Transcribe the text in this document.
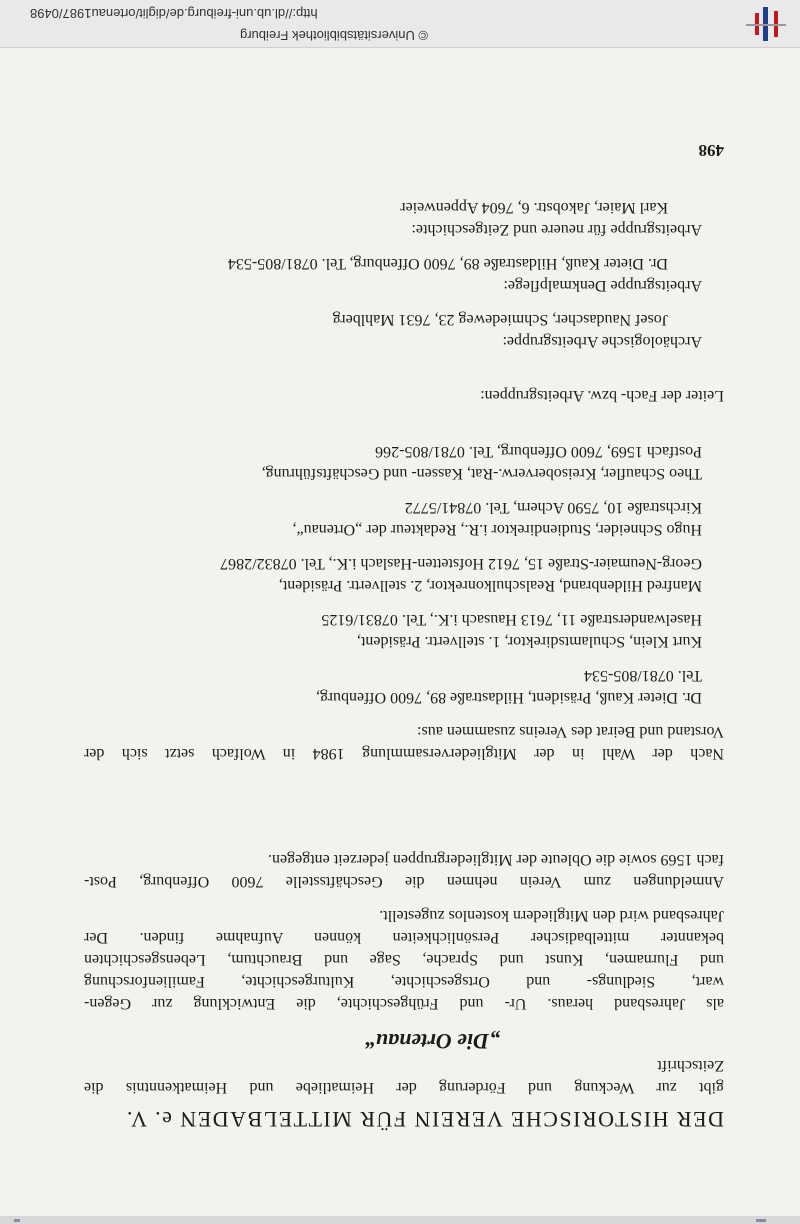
DER HISTORISCHE VEREIN FÜR MITTELBADEN e. V.
gibt zur Weckung und Förderung der Heimatliebe und Heimatkenntnis die
Zeitschrift
„Die Ortenau“
als Jahresband heraus. Ur- und Frühgeschichte, die Entwicklung zur Gegen-
wart, Siedlungs- und Ortsgeschichte, Kulturgeschichte, Familienforschung
und Flurnamen, Kunst und Sprache, Sage und Brauchtum, Lebensgeschichten
bekannter mittelbadischer Persönlichkeiten können Aufnahme finden. Der
Jahresband wird den Mitgliedern kostenlos zugestellt.
Anmeldungen zum Verein nehmen die Geschäftsstelle 7600 Offenburg, Post-
fach 1569 sowie die Obleute der Mitgliedergruppen jederzeit entgegen.
Nach der Wahl in der Mitgliederversammlung 1984 in Wolfach setzt sich der
Vorstand und Beirat des Vereins zusammen aus:
Dr. Dieter Kauß, Präsident, Hildastraße 89, 7600 Offenburg,
Tel. 0781/805-534
Kurt Klein, Schulamtsdirektor, 1. stellvertr. Präsident,
Haselwanderstraße 11, 7613 Hausach i.K., Tel. 07831/6125
Manfred Hildenbrand, Realschulkonrektor, 2. stellvertr. Präsident,
Georg-Neumaier-Straße 15, 7612 Hofstetten-Haslach i.K., Tel. 07832/2867
Hugo Schneider, Studiendirektor i.R., Redakteur der „Ortenau“,
Kirchstraße 10, 7590 Achern, Tel. 07841/5772
Theo Schaufler, Kreisoberverw.-Rat, Kassen- und Geschäftsführung,
Postfach 1569, 7600 Offenburg, Tel. 0781/805-266
Leiter der Fach- bzw. Arbeitsgruppen:
Archäologische Arbeitsgruppe:
Josef Naudascher, Schmiedeweg 23, 7631 Mahlberg
Arbeitsgruppe Denkmalpflege:
Dr. Dieter Kauß, Hildastraße 89, 7600 Offenburg, Tel. 0781/805-534
Arbeitsgruppe für neuere und Zeitgeschichte:
Karl Maier, Jakobstr. 6, 7604 Appenweier
498
© Universitätsbibliothek Freiburg
http://dl.ub.uni-freiburg.de/diglit/ortenau1987/0498
